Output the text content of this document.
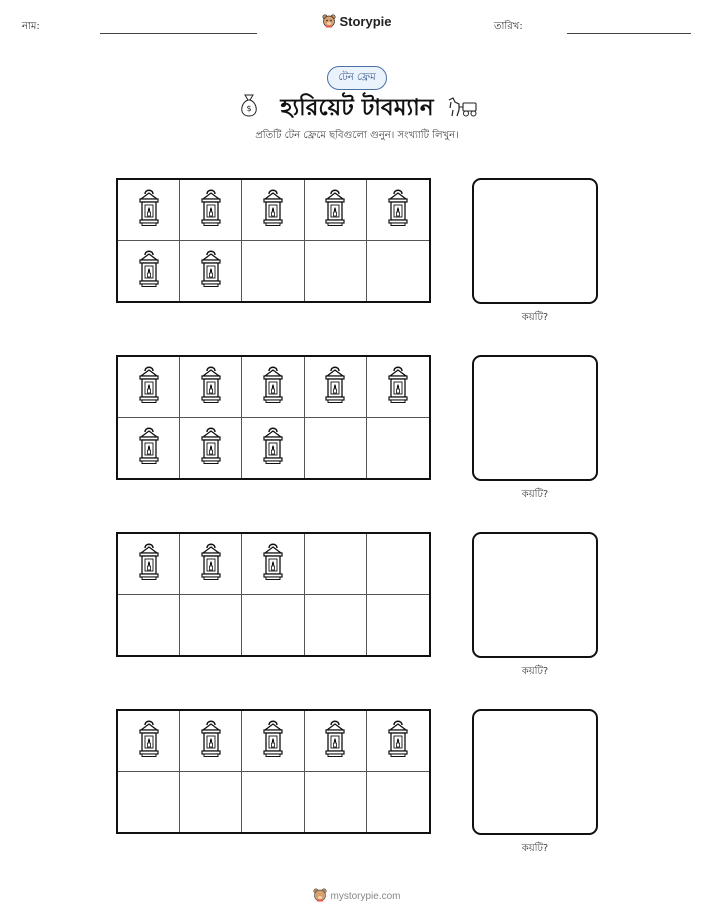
নাম:	Storypie	তারিখ:
টেন ফ্রেম
$	হ্যরিয়েট টাবম্যান
প্রতিটি টেন ফ্রেমে ছবিগুলো গুনুন। সংখ্যাটি লিখুন।
কয়টি?
কয়টি?
কয়টি?
কয়টি?
mystorypie.com
